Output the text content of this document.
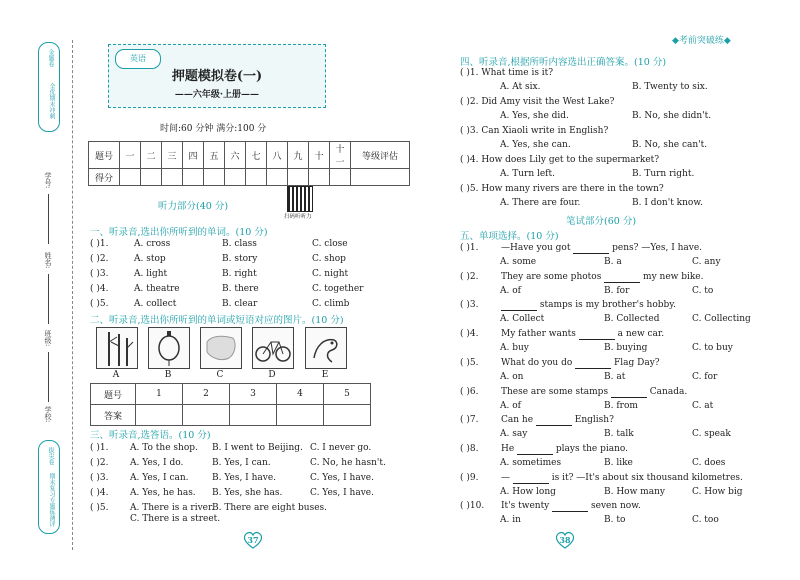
◆考前突破练◆
金题卷
全优期末冲刺
学号:
姓名:
班级:
学校:
拔尖卷
期末复习专题练测评
英语
押题模拟卷(一)
——六年级·上册——
时间:60 分钟 满分:100 分
题号	一	二	三	四	五	六	七	八	九	十	十一	等级评估
得分												
听力部分(40 分)
扫码听听力
一、听录音,选出你所听到的单词。(10 分)
( )1.	A. cross	B. class	C. close
( )2.	A. stop	B. story	C. shop
( )3.	A. light	B. right	C. night
( )4.	A. theatre	B. there	C. together
( )5.	A. collect	B. clear	C. climb
二、听录音,选出你所听到的单词或短语对应的图片。(10 分)
A	B	C	D	E
题号	1	2	3	4	5
答案					
三、听录音,选答语。(10 分)
( )1. A. To the shop. B. I went to Beijing. C. I never go.
( )2. A. Yes, I do.	B. Yes, I can.	C. No, he hasn't.
( )3. A. Yes, I can.	B. Yes, I have.	C. Yes, I have.
( )4. A. Yes, he has. B. Yes, she has.	C. Yes, I have.
( )5. A. There is a river.
B. There are eight buses.
C. There is a street.
37	38
四、听录音,根据所听内容选出正确答案。(10 分)
( )1. What time is it?
A. At six.	B. Twenty to six.
( )2. Did Amy visit the West Lake?
A. Yes, she did.	B. No, she didn't.
( )3. Can Xiaoli write in English?
A. Yes, she can.	B. No, she can't.
( )4. How does Lily get to the supermarket?
A. Turn left.	B. Turn right.
( )5. How many rivers are there in the town?
A. There are four.	B. I don't know.
笔试部分(60 分)
五、单项选择。(10 分)
( )1.	—Have you got	pens? —Yes, I have.
A. some	B. a	C. any
( )2.	They are some photos	my new bike.
A. of	B. for	C. to
( )3.	stamps is my brother's hobby.
A. Collect	B. Collected	C. Collecting
( )4.	My father wants	a new car.
A. buy	B. buying	C. to buy
( )5.	What do you do	Flag Day?
A. on	B. at	C. for
( )6.	These are some stamps	Canada.
A. of	B. from	C. at
( )7.	Can he	English?
A. say	B. talk	C. speak
( )8.	He	plays the piano.
A. sometimes	B. like	C. does
( )9.	—	is it? —It's about six thousand kilometres.
A. How long	B. How many	C. How big
( )10. It's twenty	seven now.
A. in	B. to	C. too
